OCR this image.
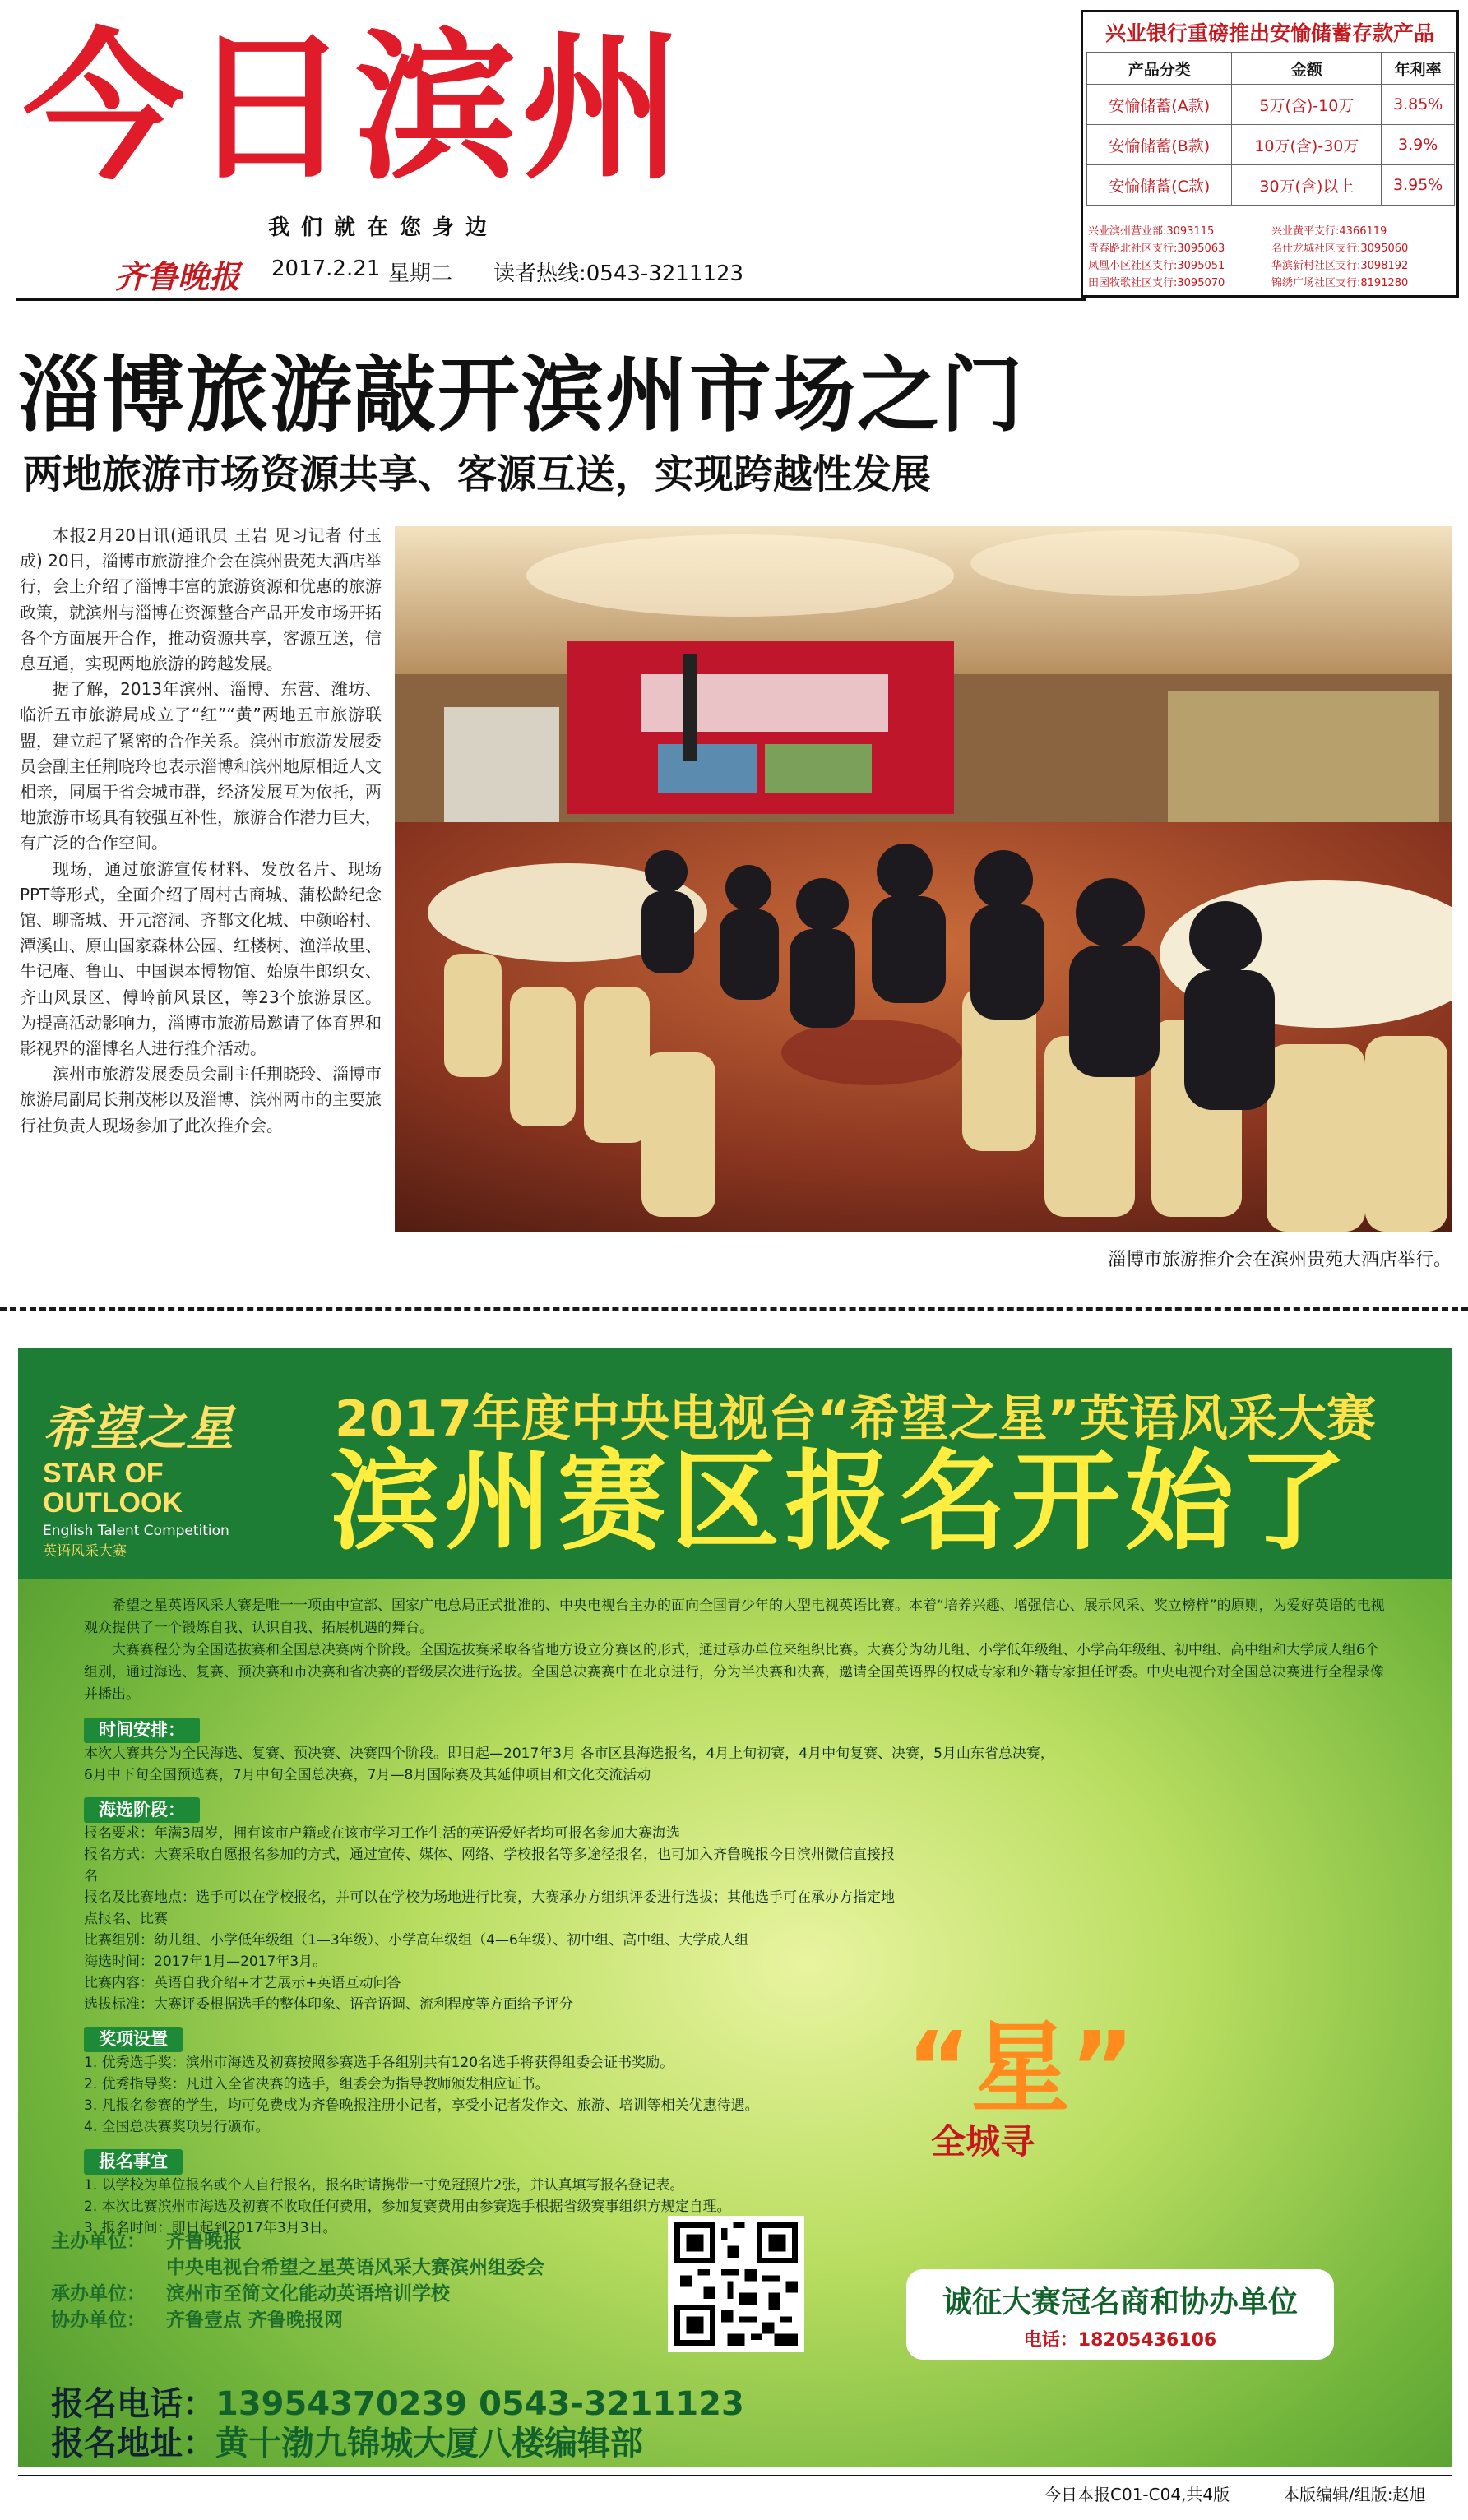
今日滨州
我们就在您身边
齐鲁晚报 2017.2.21 星期二 读者热线:0543-3211123
兴业银行重磅推出安愉储蓄存款产品
产品分类	金额	年利率
安愉储蓄(A款)	5万(含)-10万	3.85%
安愉储蓄(B款)	10万(含)-30万	3.9%
安愉储蓄(C款)	30万(含)以上	3.95%
兴业滨州营业部:3093115	兴业黄平支行:4366119
青春路北社区支行:3095063	名仕龙城社区支行:3095060
凤凰小区社区支行:3095051	华滨新村社区支行:3098192
田园牧歌社区支行:3095070	锦绣广场社区支行:8191280
淄博旅游敲开滨州市场之门
两地旅游市场资源共享、客源互送，实现跨越性发展

本报2月20日讯(通讯员 王岩 见习记者 付玉成) 20日，淄博市旅游推介会在滨州贵苑大酒店举行，会上介绍了淄博丰富的旅游资源和优惠的旅游政策，就滨州与淄博在资源整合产品开发市场开拓各个方面展开合作，推动资源共享，客源互送，信息互通，实现两地旅游的跨越发展。

据了解，2013年滨州、淄博、东营、潍坊、临沂五市旅游局成立了“红”“黄”两地五市旅游联盟，建立起了紧密的合作关系。滨州市旅游发展委员会副主任荆晓玲也表示淄博和滨州地原相近人文相亲，同属于省会城市群，经济发展互为依托，两地旅游市场具有较强互补性，旅游合作潜力巨大，有广泛的合作空间。

现场，通过旅游宣传材料、发放名片、现场PPT等形式，全面介绍了周村古商城、蒲松龄纪念馆、聊斋城、开元溶洞、齐都文化城、中颜峪村、潭溪山、原山国家森林公园、红楼树、渔洋故里、牛记庵、鲁山、中国课本博物馆、始原牛郎织女、齐山风景区、傅岭前风景区，等23个旅游景区。为提高活动影响力，淄博市旅游局邀请了体育界和影视界的淄博名人进行推介活动。

滨州市旅游发展委员会副主任荆晓玲、淄博市旅游局副局长荆茂彬以及淄博、滨州两市的主要旅行社负责人现场参加了此次推介会。

淄博市旅游推介会在滨州贵苑大酒店举行。
希望之星
STAR OF
OUTLOOK
English Talent Competition
英语风采大赛
2017年度中央电视台“希望之星”英语风采大赛
滨州赛区报名开始了

希望之星英语风采大赛是唯一一项由中宣部、国家广电总局正式批准的、中央电视台主办的面向全国青少年的大型电视英语比赛。本着“培养兴趣、增强信心、展示风采、奖立榜样”的原则，为爱好英语的电视观众提供了一个锻炼自我、认识自我、拓展机遇的舞台。

大赛赛程分为全国选拔赛和全国总决赛两个阶段。全国选拔赛采取各省地方设立分赛区的形式，通过承办单位来组织比赛。大赛分为幼儿组、小学低年级组、小学高年级组、初中组、高中组和大学成人组6个组别，通过海选、复赛、预决赛和市决赛和省决赛的晋级层次进行选拔。全国总决赛赛中在北京进行，分为半决赛和决赛，邀请全国英语界的权威专家和外籍专家担任评委。中央电视台对全国总决赛进行全程录像并播出。

时间安排：
本次大赛共分为全民海选、复赛、预决赛、决赛四个阶段。即日起—2017年3月 各市区县海选报名，4月上旬初赛，4月中旬复赛、决赛，5月山东省总决赛，
6月中下旬全国预选赛，7月中旬全国总决赛，7月—8月国际赛及其延伸项目和文化交流活动
海选阶段：
报名要求：年满3周岁，拥有该市户籍或在该市学习工作生活的英语爱好者均可报名参加大赛海选
报名方式：大赛采取自愿报名参加的方式，通过宣传、媒体、网络、学校报名等多途径报名，也可加入齐鲁晚报今日滨州微信直接报名
报名及比赛地点：选手可以在学校报名，并可以在学校为场地进行比赛，大赛承办方组织评委进行选拔；其他选手可在承办方指定地点报名、比赛
比赛组别：幼儿组、小学低年级组（1—3年级）、小学高年级组（4—6年级）、初中组、高中组、大学成人组
海选时间：2017年1月—2017年3月。
比赛内容：英语自我介绍+才艺展示+英语互动问答
选拔标准：大赛评委根据选手的整体印象、语音语调、流利程度等方面给予评分
奖项设置
1. 优秀选手奖：滨州市海选及初赛按照参赛选手各组别共有120名选手将获得组委会证书奖励。
2. 优秀指导奖：凡进入全省决赛的选手，组委会为指导教师颁发相应证书。
3. 凡报名参赛的学生，均可免费成为齐鲁晚报注册小记者，享受小记者发作文、旅游、培训等相关优惠待遇。
4. 全国总决赛奖项另行颁布。
报名事宜
1. 以学校为单位报名或个人自行报名，报名时请携带一寸免冠照片2张，并认真填写报名登记表。
2. 本次比赛滨州市海选及初赛不收取任何费用，参加复赛费用由参赛选手根据省级赛事组织方规定自理。
3. 报名时间：即日起到2017年3月3日。
主办单位： 齐鲁晚报
中央电视台希望之星英语风采大赛滨州组委会
承办单位： 滨州市至简文化能动英语培训学校
协办单位： 齐鲁壹点 齐鲁晚报网
“星”
全城寻
诚征大赛冠名商和协办单位
电话：18205436106
报名电话：13954370239 0543-3211123
报名地址：黄十渤九锦城大厦八楼编辑部
今日本报C01-C04,共4版	本版编辑/组版:赵旭
